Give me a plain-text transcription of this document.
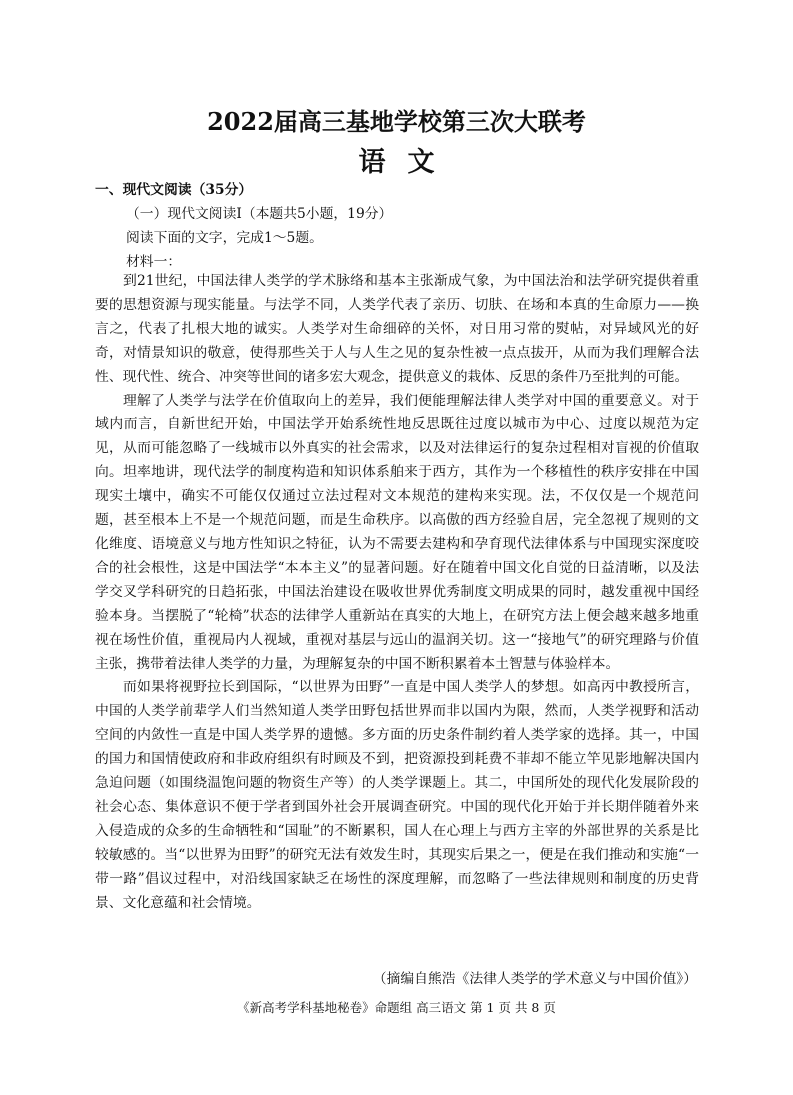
2022届高三基地学校第三次大联考
语文
一、现代文阅读（35分）
（一）现代文阅读Ⅰ（本题共5小题，19分）
阅读下面的文字，完成1～5题。
材料一：

到21世纪，中国法律人类学的学术脉络和基本主张渐成气象，为中国法治和法学研究提供着重要的思想资源与现实能量。与法学不同，人类学代表了亲历、切肤、在场和本真的生命原力——换言之，代表了扎根大地的诚实。人类学对生命细碎的关怀，对日用习常的熨帖，对异域风光的好奇，对情景知识的敬意，使得那些关于人与人生之见的复杂性被一点点拔开，从而为我们理解合法性、现代性、统合、冲突等世间的诸多宏大观念，提供意义的栽体、反思的条件乃至批判的可能。

理解了人类学与法学在价值取向上的差异，我们便能理解法律人类学对中国的重要意义。对于域内而言，自新世纪开始，中国法学开始系统性地反思既往过度以城市为中心、过度以规范为定见，从而可能忽略了一线城市以外真实的社会需求，以及对法律运行的复杂过程相对盲视的价值取向。坦率地讲，现代法学的制度构造和知识体系舶来于西方，其作为一个移植性的秩序安排在中国现实土壤中，确实不可能仅仅通过立法过程对文本规范的建构来实现。法，不仅仅是一个规范问题，甚至根本上不是一个规范问题，而是生命秩序。以高傲的西方经验自居，完全忽视了规则的文化维度、语境意义与地方性知识之特征，认为不需要去建构和孕育现代法律体系与中国现实深度咬合的社会根性，这是中国法学“本本主义”的显著问题。好在随着中国文化自觉的日益清晰，以及法学交叉学科研究的日趋拓张，中国法治建设在吸收世界优秀制度文明成果的同时，越发重视中国经验本身。当摆脱了“轮椅”状态的法律学人重新站在真实的大地上，在研究方法上便会越来越多地重视在场性价值，重视局内人视域，重视对基层与远山的温润关切。这一“接地气”的研究理路与价值主张，携带着法律人类学的力量，为理解复杂的中国不断积累着本土智慧与体验样本。

而如果将视野拉长到国际，“以世界为田野”一直是中国人类学人的梦想。如高丙中教授所言，中国的人类学前辈学人们当然知道人类学田野包括世界而非以国内为限，然而，人类学视野和活动空间的内敛性一直是中国人类学界的遗憾。多方面的历史条件制约着人类学家的选择。其一，中国的国力和国情使政府和非政府组织有时顾及不到，把资源投到耗费不菲却不能立竿见影地解决国内急迫问题（如围绕温饱问题的物资生产等）的人类学课题上。其二，中国所处的现代化发展阶段的社会心态、集体意识不便于学者到国外社会开展调查研究。中国的现代化开始于并长期伴随着外来入侵造成的众多的生命牺牲和“国耻”的不断累积，国人在心理上与西方主宰的外部世界的关系是比较敏感的。当“以世界为田野”的研究无法有效发生时，其现实后果之一，便是在我们推动和实施“一带一路”倡议过程中，对沿线国家缺乏在场性的深度理解，而忽略了一些法律规则和制度的历史背景、文化意蕴和社会情境。

（摘编自熊浩《法律人类学的学术意义与中国价值》）
《新高考学科基地秘卷》命题组 高三语文 第 1 页 共 8 页
